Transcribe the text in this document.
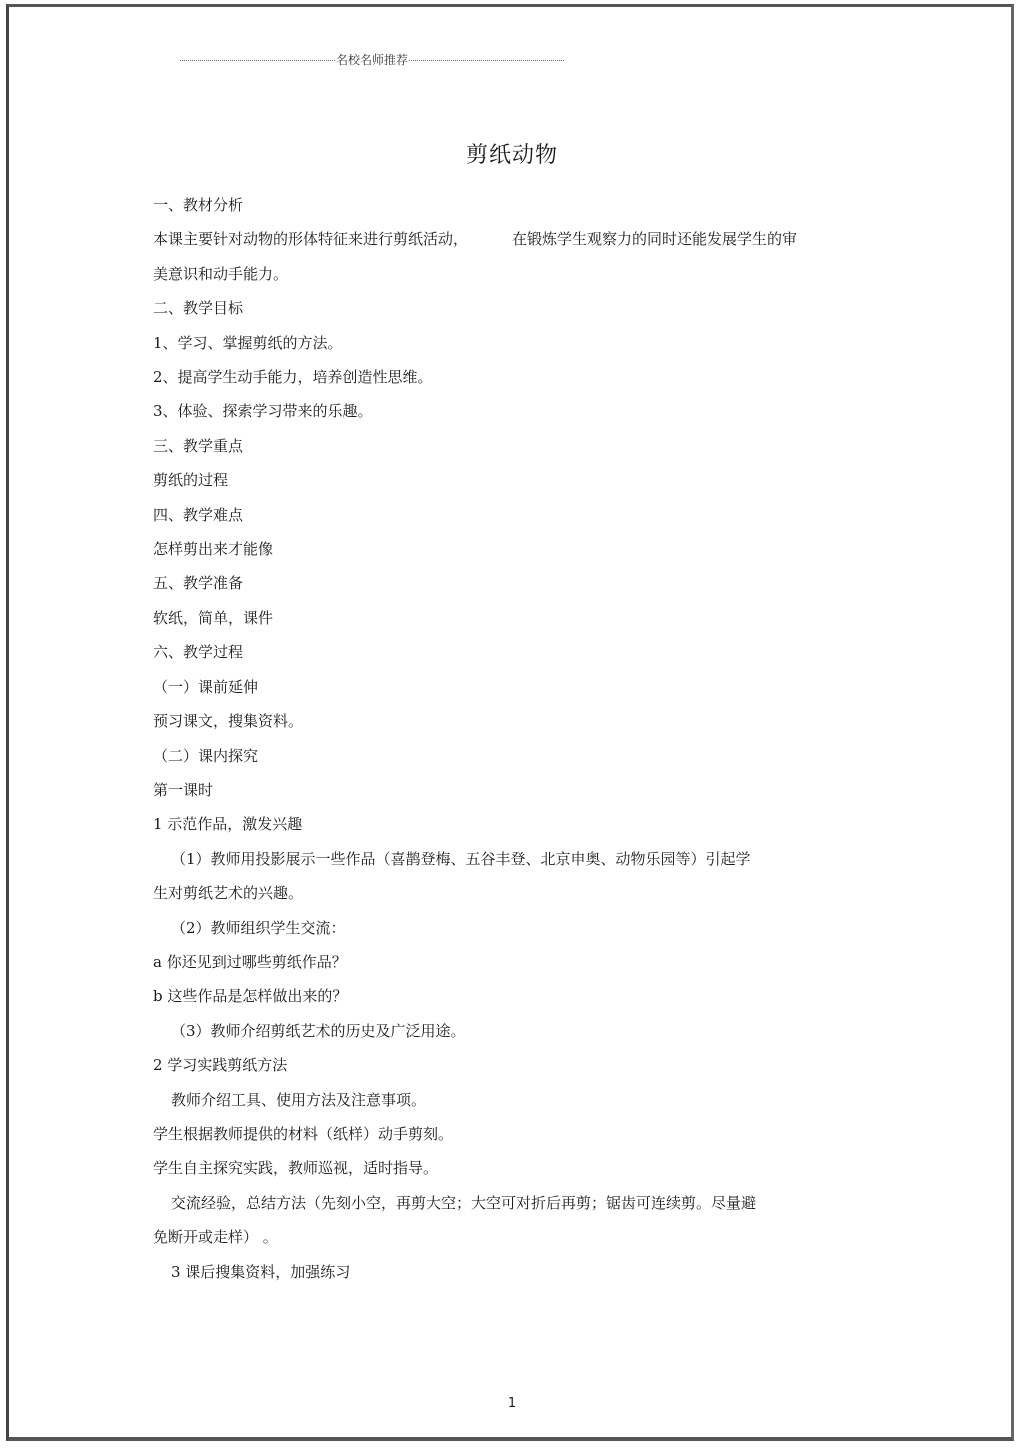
名校名师推荐
剪纸动物

一、教材分析

本课主要针对动物的形体特征来进行剪纸活动，	在锻炼学生观察力的同时还能发展学生的审

美意识和动手能力。

二、教学目标

1、学习、掌握剪纸的方法。

2、提高学生动手能力，培养创造性思维。

3、体验、探索学习带来的乐趣。

三、教学重点

剪纸的过程

四、教学难点

怎样剪出来才能像

五、教学准备

软纸，简单，课件

六、教学过程

（一）课前延伸

预习课文，搜集资料。

（二）课内探究

第一课时

1 示范作品，激发兴趣

（1）教师用投影展示一些作品（喜鹊登梅、五谷丰登、北京申奥、动物乐园等）引起学

生对剪纸艺术的兴趣。

（2）教师组织学生交流：

a 你还见到过哪些剪纸作品？

b 这些作品是怎样做出来的？

（3）教师介绍剪纸艺术的历史及广泛用途。

2 学习实践剪纸方法

教师介绍工具、使用方法及注意事项。

学生根据教师提供的材料（纸样）动手剪刻。

学生自主探究实践，教师巡视，适时指导。

交流经验，总结方法（先刻小空，再剪大空；大空可对折后再剪；锯齿可连续剪。尽量避

免断开或走样） 。

3 课后搜集资料，加强练习

1
